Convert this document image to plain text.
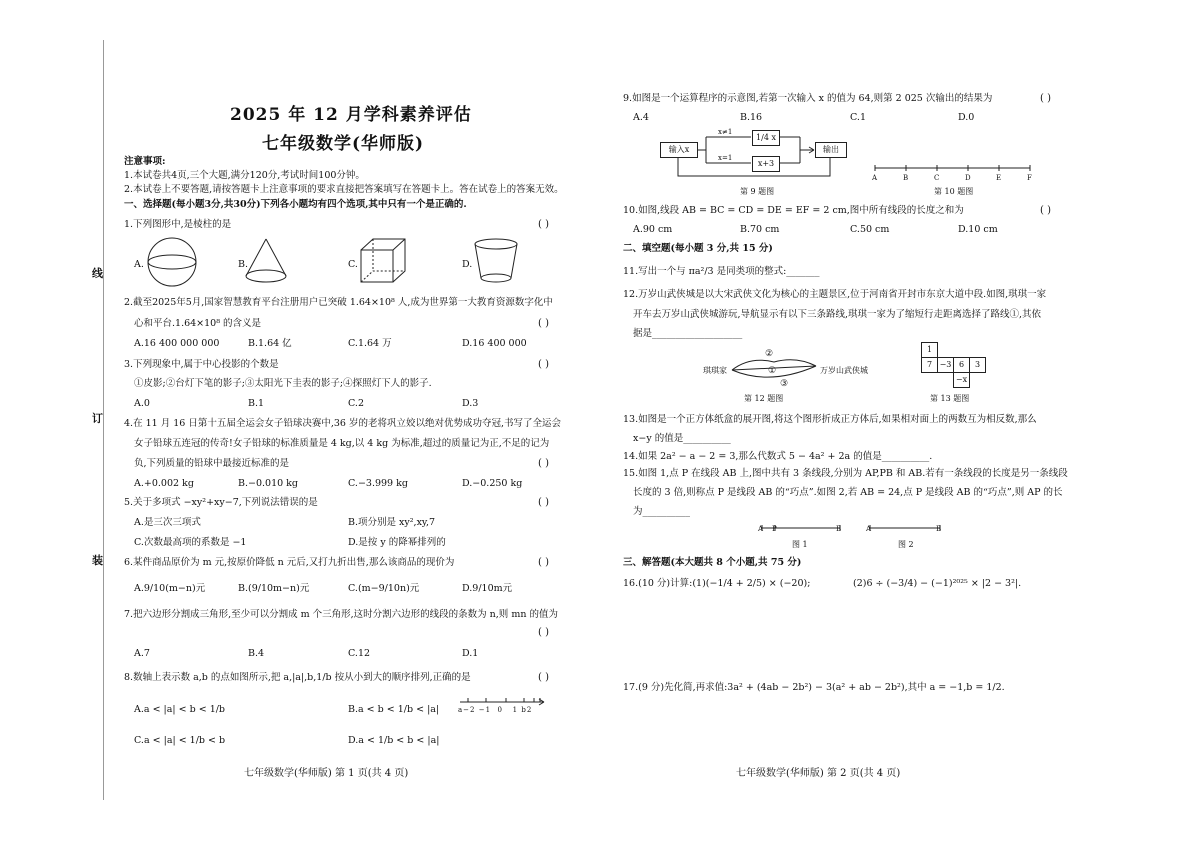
线
订
装
2025 年 12 月学科素养评估
七年级数学(华师版)
注意事项:
1.本试卷共4页,三个大题,满分120分,考试时间100分钟。
2.本试卷上不要答题,请按答题卡上注意事项的要求直接把答案填写在答题卡上。答在试卷上的答案无效。
一、选择题(每小题3分,共30分)下列各小题均有四个选项,其中只有一个是正确的.
1.下列图形中,是棱柱的是	( )
A.	B.	C.	D.
2.截至2025年5月,国家智慧教育平台注册用户已突破 1.64×10⁸ 人,成为世界第一大教育资源数字化中
心和平台.1.64×10⁸ 的含义是	( )
A.16 400 000 000	B.1.64 亿	C.1.64 万	D.16 400 000
3.下列现象中,属于中心投影的个数是	( )
①皮影;②台灯下笔的影子;③太阳光下圭表的影子;④探照灯下人的影子.
A.0	B.1	C.2	D.3
4.在 11 月 16 日第十五届全运会女子铅球决赛中,36 岁的老将巩立姣以绝对优势成功夺冠,书写了全运会
女子铅球五连冠的传奇!女子铅球的标准质量是 4 kg,以 4 kg 为标准,超过的质量记为正,不足的记为
负,下列质量的铅球中最接近标准的是	( )
A.+0.002 kg	B.−0.010 kg	C.−3.999 kg	D.−0.250 kg
5.关于多项式 −xy²+xy−7,下列说法错误的是	( )
A.是三次三项式	B.项分别是 xy²,xy,7
C.次数最高项的系数是 −1	D.是按 y 的降幂排列的
6.某件商品原价为 m 元,按原价降低 n 元后,又打九折出售,那么该商品的现价为	( )
A.9/10(m−n)元	B.(9/10m−n)元	C.(m−9/10n)元	D.9/10m元
7.把六边形分割成三角形,至少可以分割成 m 个三角形,这时分割六边形的线段的条数为 n,则 mn 的值为
( )
A.7	B.4	C.12	D.1
8.数轴上表示数 a,b 的点如图所示,把 a,|a|,b,1/b 按从小到大的顺序排列,正确的是	( )
a−2 −1 0 1 b2
A.a < |a| < b < 1/b	B.a < b < 1/b < |a|
C.a < |a| < 1/b < b	D.a < 1/b < b < |a|
七年级数学(华师版) 第 1 页(共 4 页)
9.如图是一个运算程序的示意图,若第一次输入 x 的值为 64,则第 2 025 次输出的结果为	( )
A.4	B.16	C.1	D.0
输入x
1/4 x
x+3
输出
x≠1
x=1
第 9 题图
A	B	C	D	E	F
第 10 题图
10.如图,线段 AB = BC = CD = DE = EF = 2 cm,图中所有线段的长度之和为	( )
A.90 cm	B.70 cm	C.50 cm	D.10 cm
二、填空题(每小题 3 分,共 15 分)
11.写出一个与 πa²/3 是同类项的整式:_______
12.万岁山武侠城是以大宋武侠文化为核心的主题景区,位于河南省开封市东京大道中段.如图,琪琪一家
开车去万岁山武侠城游玩,导航显示有以下三条路线,琪琪一家为了缩短行走距离选择了路线①,其依
据是___________________
琪琪家	万岁山武侠城
②
①
③
第 12 题图
1
7 −3 6	3
−x
第 13 题图
13.如图是一个正方体纸盒的展开图,将这个图形折成正方体后,如果相对面上的两数互为相反数,那么
x−y 的值是__________
14.如果 2a² − a − 2 = 3,那么代数式 5 − 4a² + 2a 的值是__________.
15.如图 1,点 P 在线段 AB 上,图中共有 3 条线段,分别为 AP,PB 和 AB.若有一条线段的长度是另一条线段
长度的 3 倍,则称点 P 是线段 AB 的“巧点”.如图 2,若 AB = 24,点 P 是线段 AB 的“巧点”,则 AP 的长
为__________
A P	B	A	B
图 1	图 2
三、解答题(本大题共 8 个小题,共 75 分)
16.(10 分)计算:(1)(−1/4 + 2/5) × (−20);	(2)6 ÷ (−3/4) − (−1)²⁰²⁵ × |2 − 3²|.
17.(9 分)先化简,再求值:3a² + (4ab − 2b²) − 3(a² + ab − 2b²),其中 a = −1,b = 1/2.
七年级数学(华师版) 第 2 页(共 4 页)
